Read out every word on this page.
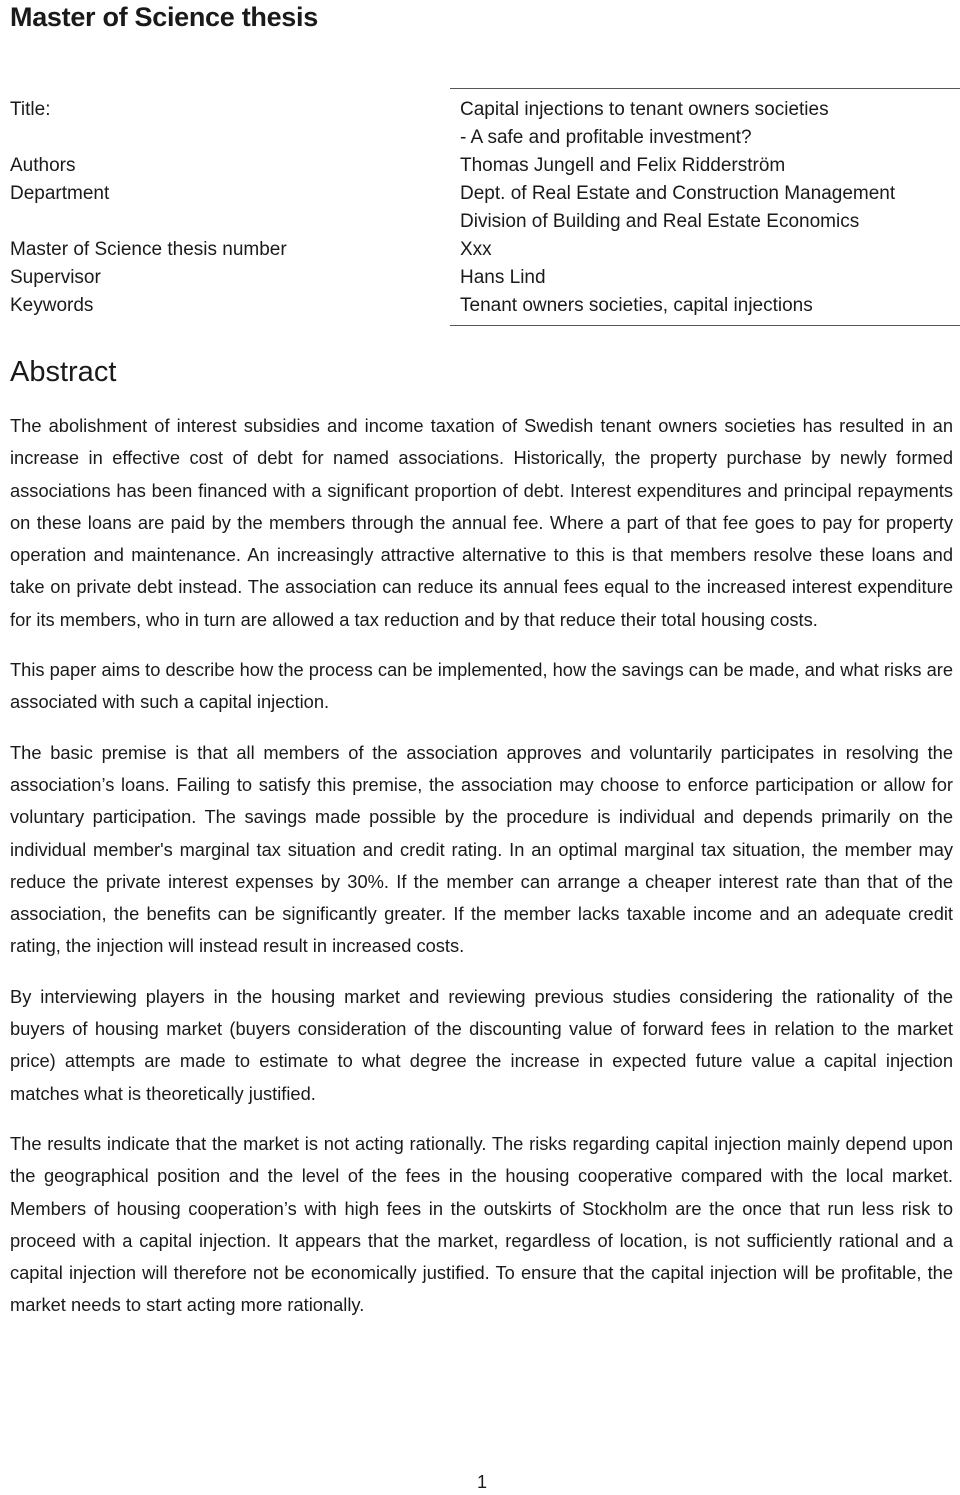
Master of Science thesis
Title:	Capital injections to tenant owners societies
- A safe and profitable investment?
Authors	Thomas Jungell and Felix Ridderström
Department	Dept. of Real Estate and Construction Management
Division of Building and Real Estate Economics
Master of Science thesis number	Xxx
Supervisor	Hans Lind
Keywords	Tenant owners societies, capital injections
Abstract

The abolishment of interest subsidies and income taxation of Swedish tenant owners societies has resulted in an increase in effective cost of debt for named associations. Historically, the property purchase by newly formed associations has been financed with a significant proportion of debt. Interest expenditures and principal repayments on these loans are paid by the members through the annual fee. Where a part of that fee goes to pay for property operation and maintenance. An increasingly attractive alternative to this is that members resolve these loans and take on private debt instead. The association can reduce its annual fees equal to the increased interest expenditure for its members, who in turn are allowed a tax reduction and by that reduce their total housing costs.

This paper aims to describe how the process can be implemented, how the savings can be made, and what risks are associated with such a capital injection.

The basic premise is that all members of the association approves and voluntarily participates in resolving the association’s loans. Failing to satisfy this premise, the association may choose to enforce participation or allow for voluntary participation. The savings made possible by the procedure is individual and depends primarily on the individual member's marginal tax situation and credit rating. In an optimal marginal tax situation, the member may reduce the private interest expenses by 30%. If the member can arrange a cheaper interest rate than that of the association, the benefits can be significantly greater. If the member lacks taxable income and an adequate credit rating, the injection will instead result in increased costs.

By interviewing players in the housing market and reviewing previous studies considering the rationality of the buyers of housing market (buyers consideration of the discounting value of forward fees in relation to the market price) attempts are made to estimate to what degree the increase in expected future value a capital injection matches what is theoretically justified.

The results indicate that the market is not acting rationally. The risks regarding capital injection mainly depend upon the geographical position and the level of the fees in the housing cooperative compared with the local market. Members of housing cooperation’s with high fees in the outskirts of Stockholm are the once that run less risk to proceed with a capital injection. It appears that the market, regardless of location, is not sufficiently rational and a capital injection will therefore not be economically justified. To ensure that the capital injection will be profitable, the market needs to start acting more rationally.

1
